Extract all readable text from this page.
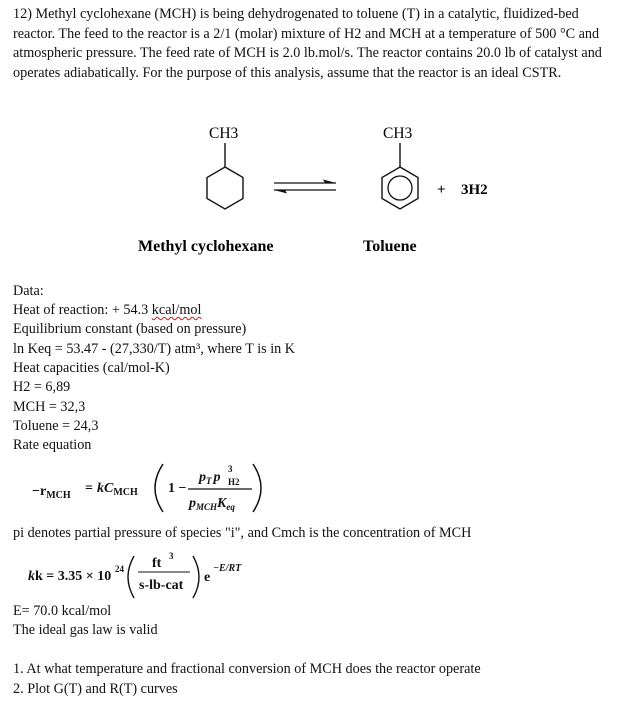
12) Methyl cyclohexane (MCH) is being dehydrogenated to toluene (T) in a catalytic, fluidized-bed reactor. The feed to the reactor is a 2/1 (molar) mixture of H2 and MCH at a temperature of 500 °C and atmospheric pressure. The feed rate of MCH is 2.0 lb.mol/s. The reactor contains 20.0 lb of catalyst and operates adiabatically. For the purpose of this analysis, assume that the reactor is an ideal CSTR.
CH3	CH3
+ 3H2
Methyl cyclohexane	Toluene
Data:
Heat of reaction: + 54.3 kcal/mol
Equilibrium constant (based on pressure)
ln Keq = 53.47 - (27,330/T) atm³, where T is in K
Heat capacities (cal/mol-K)
H2 = 6,89
MCH = 32,3
Toluene = 24,3
Rate equation
$-r_{MCH} = kC_{MCH}$ 1 −
$p_T$ p
3
H2
$p_{MCH}K_{eq}$
pi denotes partial pressure of species "i", and Cmch is the concentration of MCH
kk = 3.35 × 10 24 ft 3
s-lb-cat
e
−E/RT
E= 70.0 kcal/mol
The ideal gas law is valid
1. At what temperature and fractional conversion of MCH does the reactor operate
2. Plot G(T) and R(T) curves
